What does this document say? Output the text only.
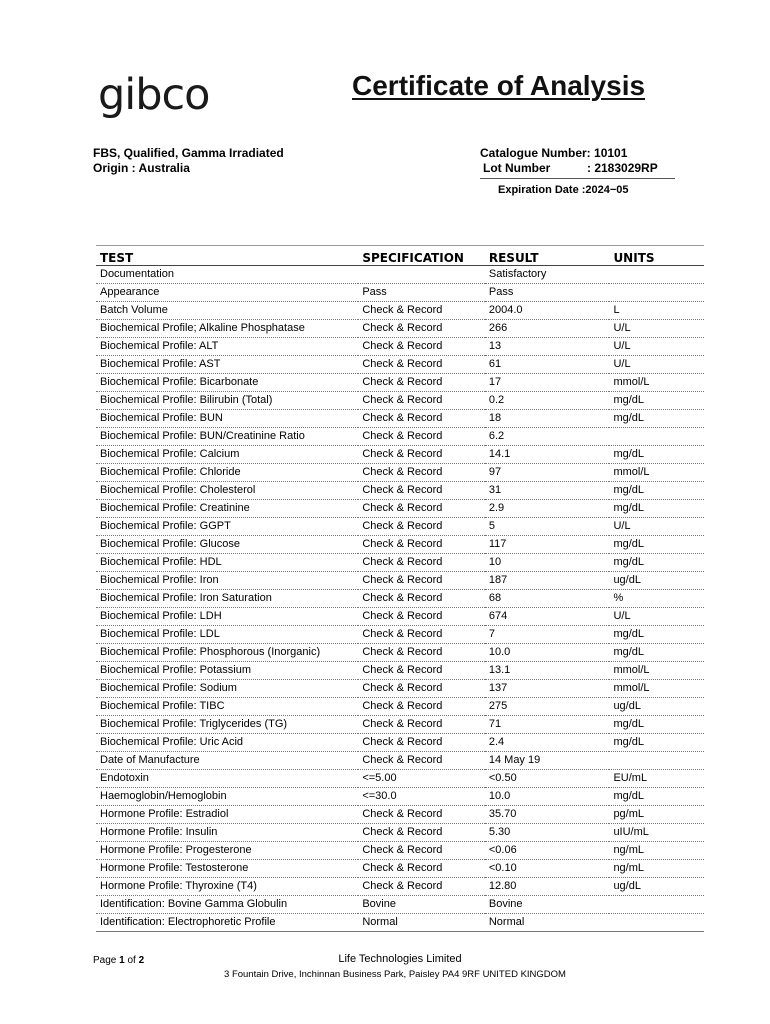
gibco	Certificate of Analysis
FBS, Qualified, Gamma Irradiated
Origin : Australia
Catalogue Number:
10101
Lot Number	: 2183029RP
Expiration Date :2024−05
TEST	SPECIFICATION	RESULT	UNITS
Documentation		Satisfactory	
Appearance	Pass	Pass	
Batch Volume	Check & Record	2004.0	L
Biochemical Profile; Alkaline Phosphatase	Check & Record	266	U/L
Biochemical Profile: ALT	Check & Record	13	U/L
Biochemical Profile: AST	Check & Record	61	U/L
Biochemical Profile: Bicarbonate	Check & Record	17	mmol/L
Biochemical Profile: Bilirubin (Total)	Check & Record	0.2	mg/dL
Biochemical Profile: BUN	Check & Record	18	mg/dL
Biochemical Profile: BUN/Creatinine Ratio	Check & Record	6.2	
Biochemical Profile: Calcium	Check & Record	14.1	mg/dL
Biochemical Profile: Chloride	Check & Record	97	mmol/L
Biochemical Profile: Cholesterol	Check & Record	31	mg/dL
Biochemical Profile: Creatinine	Check & Record	2.9	mg/dL
Biochemical Profile: GGPT	Check & Record	5	U/L
Biochemical Profile: Glucose	Check & Record	117	mg/dL
Biochemical Profile: HDL	Check & Record	10	mg/dL
Biochemical Profile: Iron	Check & Record	187	ug/dL
Biochemical Profile: Iron Saturation	Check & Record	68	%
Biochemical Profile: LDH	Check & Record	674	U/L
Biochemical Profile: LDL	Check & Record	7	mg/dL
Biochemical Profile: Phosphorous (Inorganic)	Check & Record	10.0	mg/dL
Biochemical Profile: Potassium	Check & Record	13.1	mmol/L
Biochemical Profile: Sodium	Check & Record	137	mmol/L
Biochemical Profile: TIBC	Check & Record	275	ug/dL
Biochemical Profile: Triglycerides (TG)	Check & Record	71	mg/dL
Biochemical Profile: Uric Acid	Check & Record	2.4	mg/dL
Date of Manufacture	Check & Record	14 May 19	
Endotoxin	<=5.00	<0.50	EU/mL
Haemoglobin/Hemoglobin	<=30.0	10.0	mg/dL
Hormone Profile: Estradiol	Check & Record	35.70	pg/mL
Hormone Profile: Insulin	Check & Record	5.30	uIU/mL
Hormone Profile: Progesterone	Check & Record	<0.06	ng/mL
Hormone Profile: Testosterone	Check & Record	<0.10	ng/mL
Hormone Profile: Thyroxine (T4)	Check & Record	12.80	ug/dL
Identification: Bovine Gamma Globulin	Bovine	Bovine	
Identification: Electrophoretic Profile	Normal	Normal	
Page 1 of 2	Life Technologies Limited
3 Fountain Drive, Inchinnan Business Park, Paisley PA4 9RF UNITED KINGDOM
